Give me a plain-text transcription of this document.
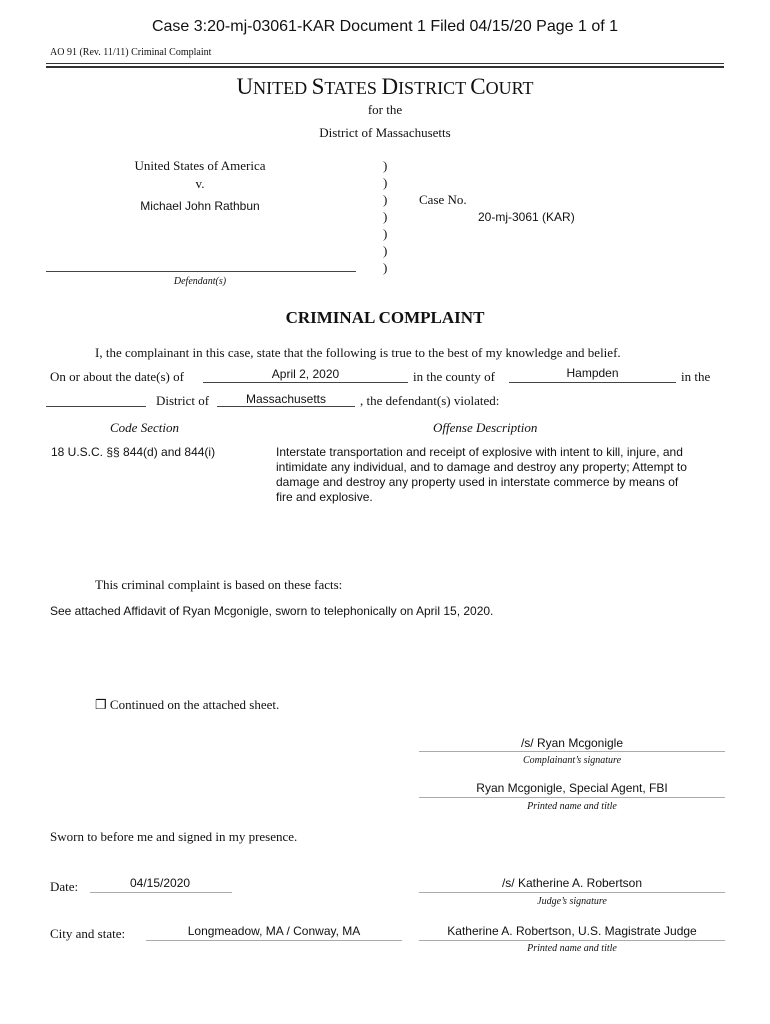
Case 3:20-mj-03061-KAR Document 1 Filed 04/15/20 Page 1 of 1
AO 91 (Rev. 11/11) Criminal Complaint
UNITED STATES DISTRICT COURT
for the
District of Massachusetts
United States of America
v.
Michael John Rathbun
Defendant(s)
)
)
)
)
)
)
)
Case No.
20-mj-3061 (KAR)
CRIMINAL COMPLAINT
I, the complainant in this case, state that the following is true to the best of my knowledge and belief.
On or about the date(s) of	April 2, 2020	in the county of	Hampden	in the
District of	Massachusetts	, the defendant(s) violated:
Code Section	Offense Description
18 U.S.C. §§ 844(d) and 844(i)	Interstate transportation and receipt of explosive with intent to kill, injure, and
intimidate any individual, and to damage and destroy any property; Attempt to
damage and destroy any property used in interstate commerce by means of
fire and explosive.
This criminal complaint is based on these facts:
See attached Affidavit of Ryan Mcgonigle, sworn to telephonically on April 15, 2020.
❒ Continued on the attached sheet.
/s/ Ryan Mcgonigle
Complainant’s signature
Ryan Mcgonigle, Special Agent, FBI
Printed name and title
Sworn to before me and signed in my presence.
Date:	04/15/2020	/s/ Katherine A. Robertson
Judge’s signature
City and state:	Longmeadow, MA / Conway, MA	Katherine A. Robertson, U.S. Magistrate Judge
Printed name and title
